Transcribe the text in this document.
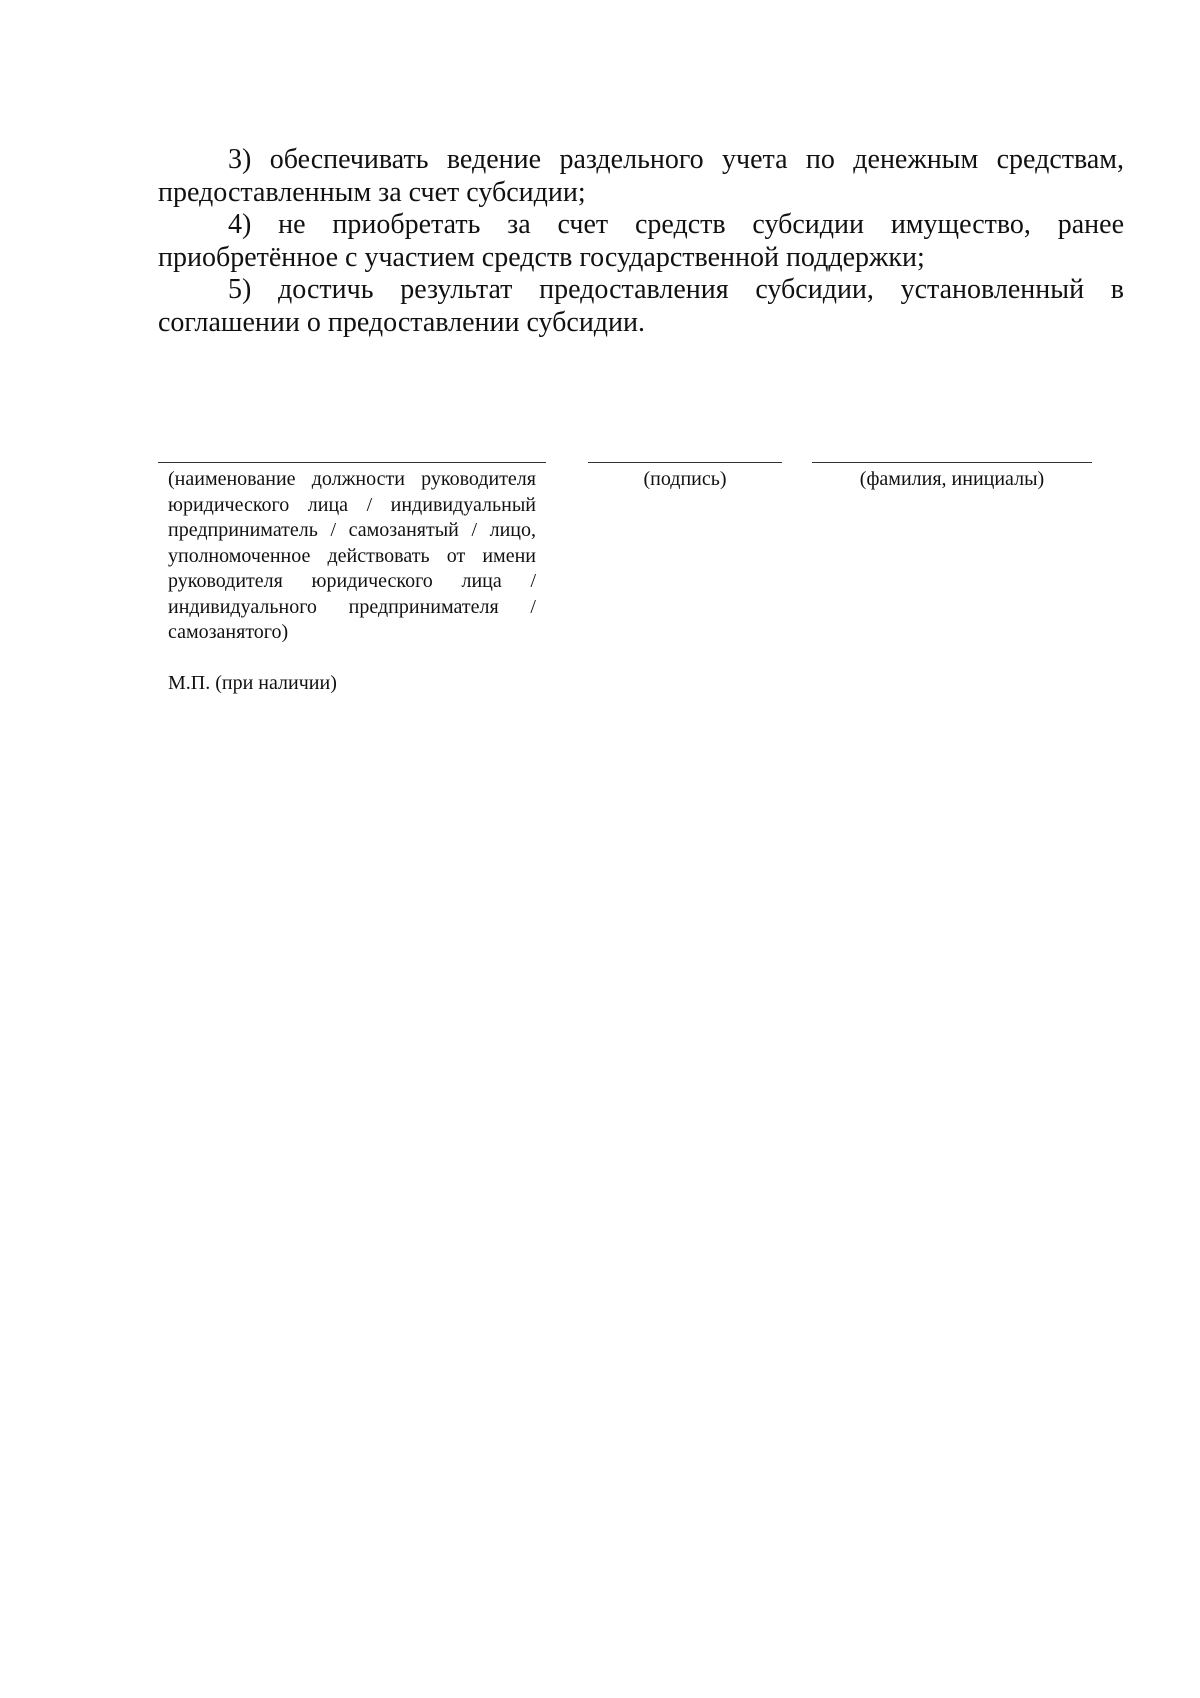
3) обеспечивать ведение раздельного учета по денежным средствам, предоставленным за счет субсидии;

4) не приобретать за счет средств субсидии имущество, ранее приобретённое с участием средств государственной поддержки;

5) достичь результат предоставления субсидии, установленный в соглашении о предоставлении субсидии.

(наименование должности руководителя юридического лица / индивидуальный предприниматель / самозанятый / лицо, уполномоченное действовать от имени руководителя юридического лица / индивидуального предпринимателя / самозанятого)
(подпись)	(фамилия, инициалы)
М.П. (при наличии)
